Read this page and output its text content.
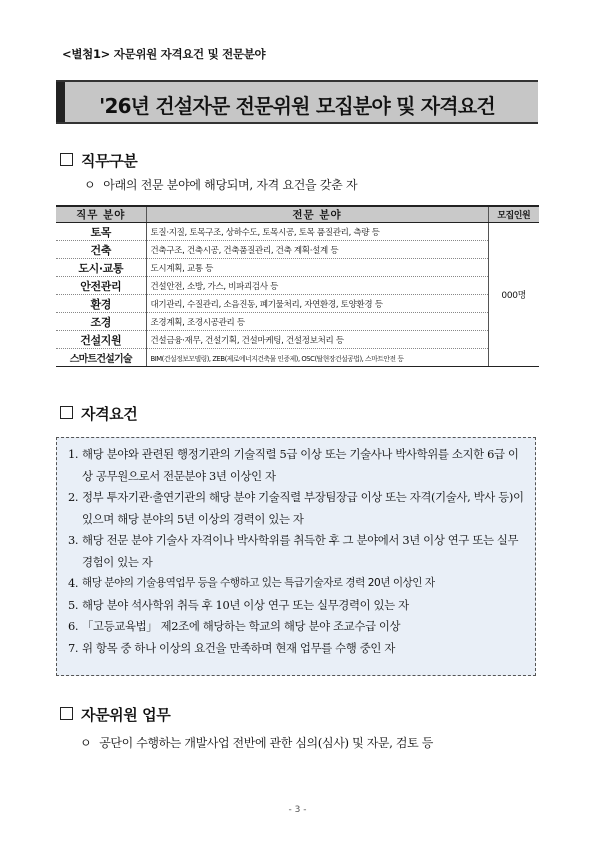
<별첨1> 자문위원 자격요건 및 전문분야
'26년 건설자문 전문위원 모집분야 및 자격요건
직무구분
ㅇ 아래의 전문 분야에 해당되며, 자격 요건을 갖춘 자
직무 분야	전문 분야	모집인원
토목	토질·지질, 토목구조, 상하수도, 토목시공, 토목 품질관리, 측량 등	000명
건축	건축구조, 건축시공, 건축품질관리, 건축 계획·설계 등	
도시·교통	도시계획, 교통 등	
안전관리	건설안전, 소방, 가스, 비파괴검사 등	
환경	대기관리, 수질관리, 소음진동, 폐기물처리, 자연환경, 토양환경 등	
조경	조경계획, 조경시공관리 등	
건설지원	건설금융·재무, 건설기획, 건설마케팅, 건설정보처리 등	
스마트건설기술	BIM(건설정보모델링), ZEB(제로에너지건축물 인증제), OSC(탈현장건설공법), 스마트안전 등	
자격요건
1. 해당 분야와 관련된 행정기관의 기술직렬 5급 이상 또는 기술사나 박사학위를 소지한 6급 이상 공무원으로서 전문분야 3년 이상인 자
2. 정부 투자기관·출연기관의 해당 분야 기술직렬 부장팀장급 이상 또는 자격(기술사, 박사 등)이 있으며 해당 분야의 5년 이상의 경력이 있는 자
3. 해당 전문 분야 기술사 자격이나 박사학위를 취득한 후 그 분야에서 3년 이상 연구 또는 실무경험이 있는 자
4. 해당 분야의 기술용역업무 등을 수행하고 있는 특급기술자로 경력 20년 이상인 자
5. 해당 분야 석사학위 취득 후 10년 이상 연구 또는 실무경력이 있는 자
6. 「고등교육법」 제2조에 해당하는 학교의 해당 분야 조교수급 이상
7. 위 항목 중 하나 이상의 요건을 만족하며 현재 업무를 수행 중인 자
자문위원 업무
ㅇ 공단이 수행하는 개발사업 전반에 관한 심의(심사) 및 자문, 검토 등
- 3 -
